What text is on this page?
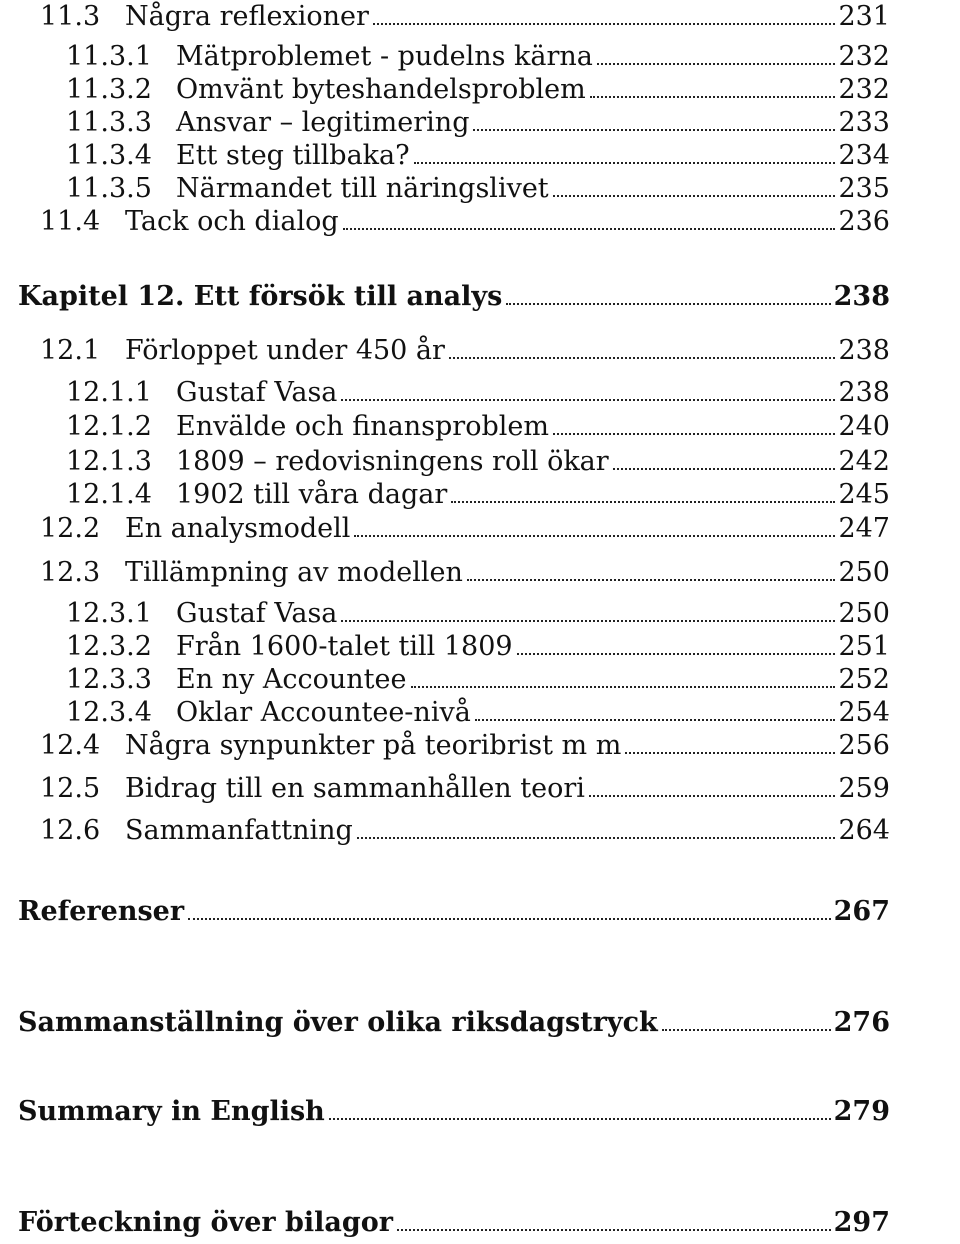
11.3 Några reflexioner	231
11.3.1 Mätproblemet - pudelns kärna	232
11.3.2 Omvänt byteshandelsproblem	232
11.3.3 Ansvar – legitimering	233
11.3.4 Ett steg tillbaka?	234
11.3.5 Närmandet till näringslivet	235
11.4 Tack och dialog	236
Kapitel 12. Ett försök till analys	238
12.1 Förloppet under 450 år	238
12.1.1 Gustaf Vasa	238
12.1.2 Envälde och finansproblem	240
12.1.3 1809 – redovisningens roll ökar	242
12.1.4 1902 till våra dagar	245
12.2 En analysmodell	247
12.3 Tillämpning av modellen	250
12.3.1 Gustaf Vasa	250
12.3.2 Från 1600-talet till 1809	251
12.3.3 En ny Accountee	252
12.3.4 Oklar Accountee-nivå	254
12.4 Några synpunkter på teoribrist m m	256
12.5 Bidrag till en sammanhållen teori	259
12.6 Sammanfattning	264
Referenser	267
Sammanställning över olika riksdagstryck	276
Summary in English	279
Förteckning över bilagor	297
